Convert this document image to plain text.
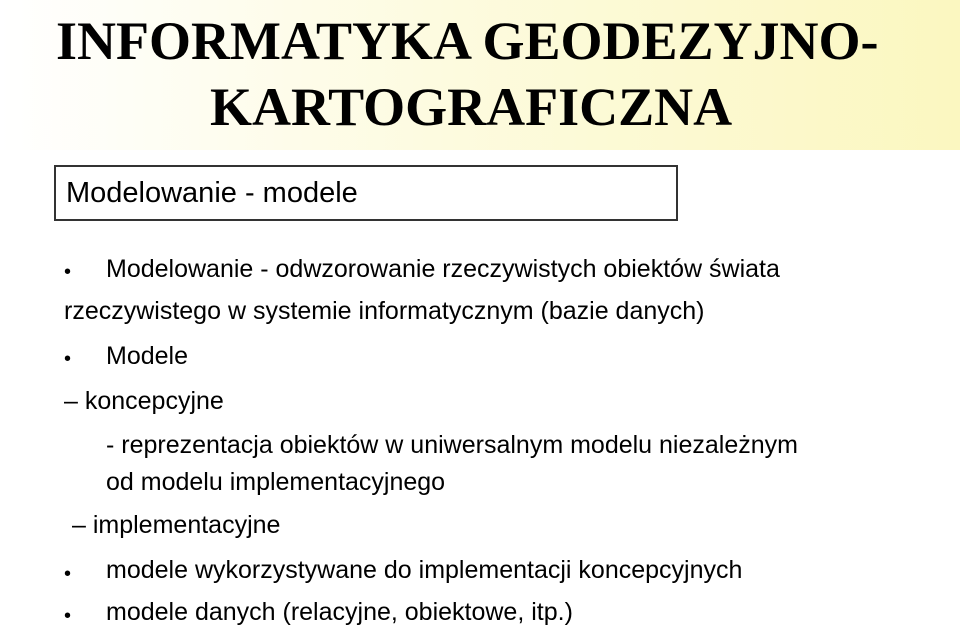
INFORMATYKA GEODEZYJNO-
KARTOGRAFICZNA
Modelowanie - modele
• Modelowanie - odwzorowanie rzeczywistych obiektów świata
rzeczywistego w systemie informatycznym (bazie danych)
• Modele
– koncepcyjne
- reprezentacja obiektów w uniwersalnym modelu niezależnym
od modelu implementacyjnego
– implementacyjne
• modele wykorzystywane do implementacji koncepcyjnych
• modele danych (relacyjne, obiektowe, itp.)
